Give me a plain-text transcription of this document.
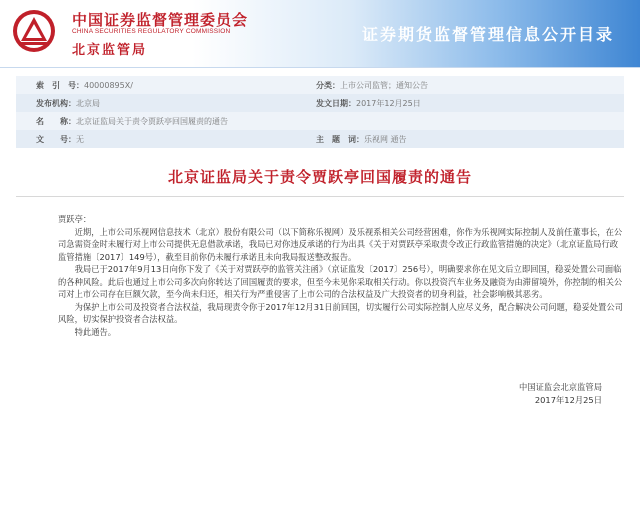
中国证券监督管理委员会
CHINA SECURITIES REGULATORY COMMISSION
北京监管局
证券期货监督管理信息公开目录
索　引　号：40000895X/	分类：上市公司监管；通知公告
发布机构：北京局	发文日期：2017年12月25日
名　　称：北京证监局关于责令贾跃亭回国履责的通告
文　　号：无	主　题　词：乐视网 通告
北京证监局关于责令贾跃亭回国履责的通告

贾跃亭：

近期，上市公司乐视网信息技术（北京）股份有限公司（以下简称乐视网）及乐视系相关公司经营困难，你作为乐视网实际控制人及前任董事长，在公司急需资金时未履行对上市公司提供无息借款承诺，我局已对你违反承诺的行为出具《关于对贾跃亭采取责令改正行政监管措施的决定》（北京证监局行政监管措施〔2017〕149号），截至目前你仍未履行承诺且未向我局报送整改报告。

我局已于2017年9月13日向你下发了《关于对贾跃亭的监管关注函》（京证监发〔2017〕256号），明确要求你在见文后立即回国，稳妥处置公司面临的各种风险。此后也通过上市公司多次向你转达了回国履责的要求，但至今未见你采取相关行动。你以投资汽车业务及融资为由滞留境外，你控制的相关公司对上市公司存在巨额欠款，至今尚未归还，相关行为严重侵害了上市公司的合法权益及广大投资者的切身利益，社会影响极其恶劣。

为保护上市公司及投资者合法权益，我局现责令你于2017年12月31日前回国，切实履行公司实际控制人应尽义务，配合解决公司问题，稳妥处置公司风险，切实保护投资者合法权益。

特此通告。

中国证监会北京监管局
2017年12月25日
